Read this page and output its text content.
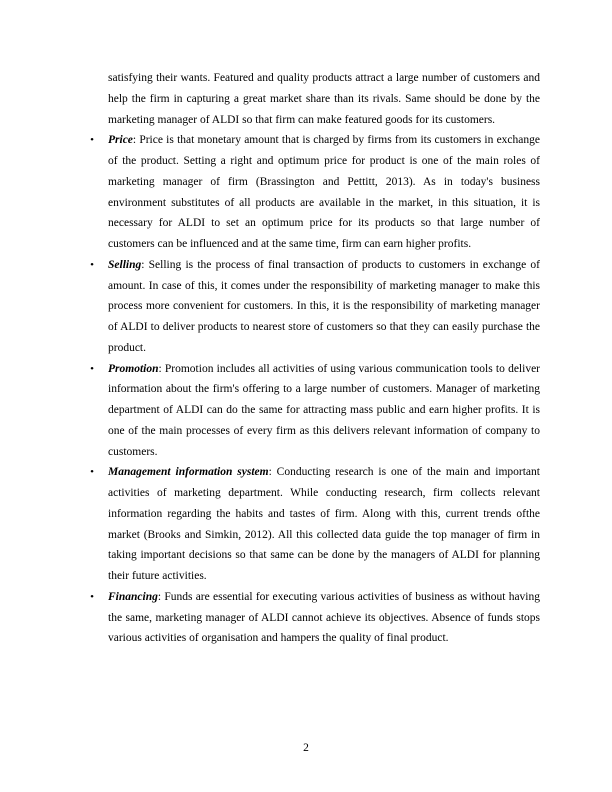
satisfying their wants. Featured and quality products attract a large number of customers and help the firm in capturing a great market share than its rivals. Same should be done by the marketing manager of ALDI so that firm can make featured goods for its customers.

• Price: Price is that monetary amount that is charged by firms from its customers in exchange of the product. Setting a right and optimum price for product is one of the main roles of marketing manager of firm (Brassington and Pettitt, 2013). As in today's business environment substitutes of all products are available in the market, in this situation, it is necessary for ALDI to set an optimum price for its products so that large number of customers can be influenced and at the same time, firm can earn higher profits.
• Selling: Selling is the process of final transaction of products to customers in exchange of amount. In case of this, it comes under the responsibility of marketing manager to make this process more convenient for customers. In this, it is the responsibility of marketing manager of ALDI to deliver products to nearest store of customers so that they can easily purchase the product.
• Promotion: Promotion includes all activities of using various communication tools to deliver information about the firm's offering to a large number of customers. Manager of marketing department of ALDI can do the same for attracting mass public and earn higher profits. It is one of the main processes of every firm as this delivers relevant information of company to customers.
• Management information system: Conducting research is one of the main and important activities of marketing department. While conducting research, firm collects relevant information regarding the habits and tastes of firm. Along with this, current trends ofthe market (Brooks and Simkin, 2012). All this collected data guide the top manager of firm in taking important decisions so that same can be done by the managers of ALDI for planning their future activities.
• Financing: Funds are essential for executing various activities of business as without having the same, marketing manager of ALDI cannot achieve its objectives. Absence of funds stops various activities of organisation and hampers the quality of final product.
2
